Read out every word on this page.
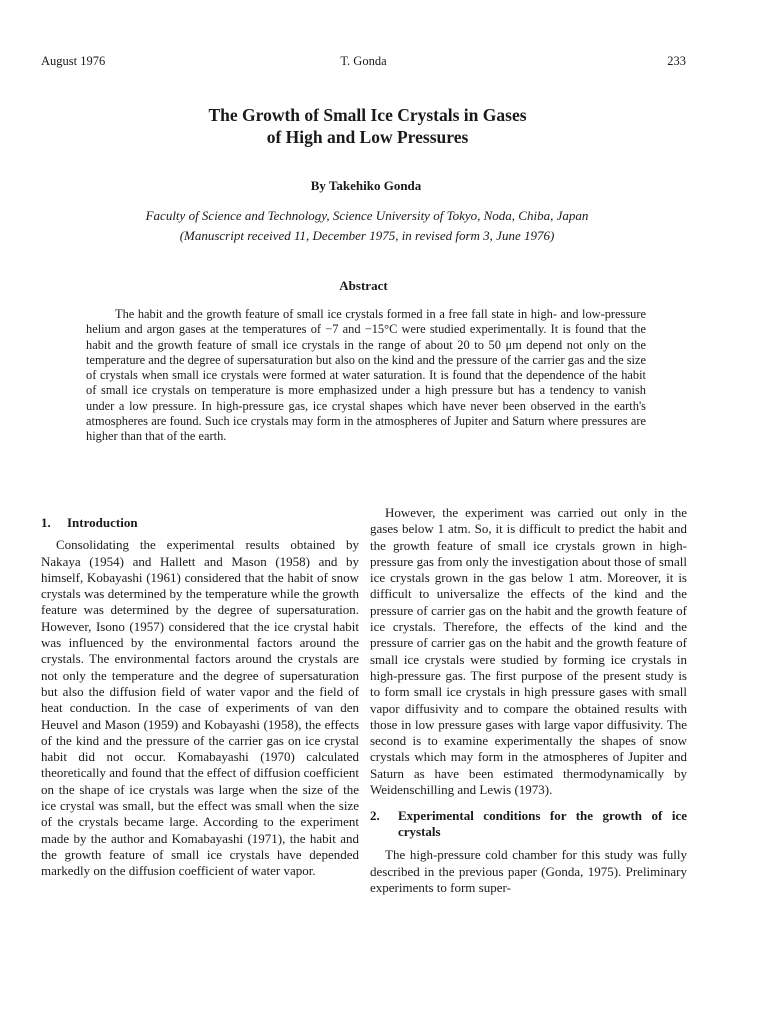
August 1976	T. Gonda	233
The Growth of Small Ice Crystals in Gases
of High and Low Pressures
By Takehiko Gonda
Faculty of Science and Technology, Science University of Tokyo, Noda, Chiba, Japan
(Manuscript received 11, December 1975, in revised form 3, June 1976)
Abstract

The habit and the growth feature of small ice crystals formed in a free fall state in high- and low-pressure helium and argon gases at the temperatures of −7 and −15°C were studied experimentally. It is found that the habit and the growth feature of small ice crystals in the range of about 20 to 50 μm depend not only on the temperature and the degree of supersaturation but also on the kind and the pressure of the carrier gas and the size of crystals when small ice crystals were formed at water saturation. It is found that the dependence of the habit of small ice crystals on temperature is more emphasized under a high pressure but has a tendency to vanish under a low pressure. In high-pressure gas, ice crystal shapes which have never been observed in the earth's atmospheres are found. Such ice crystals may form in the atmospheres of Jupiter and Saturn where pressures are higher than that of the earth.

1.	Introduction

Consolidating the experimental results obtained by Nakaya (1954) and Hallett and Mason (1958) and by himself, Kobayashi (1961) considered that the habit of snow crystals was determined by the temperature while the growth feature was determined by the degree of supersaturation. However, Isono (1957) considered that the ice crystal habit was influenced by the environmental factors around the crystals. The environmental factors around the crystals are not only the temperature and the degree of supersaturation but also the diffusion field of water vapor and the field of heat conduction. In the case of experiments of van den Heuvel and Mason (1959) and Kobayashi (1958), the effects of the kind and the pressure of the carrier gas on ice crystal habit did not occur. Komabayashi (1970) calculated theoretically and found that the effect of diffusion coefficient on the shape of ice crystals was large when the size of the ice crystal was small, but the effect was small when the size of the crystals became large. According to the experiment made by the author and Komabayashi (1971), the habit and the growth feature of small ice crystals have depended markedly on the diffusion coefficient of water vapor.

However, the experiment was carried out only in the gases below 1 atm. So, it is difficult to predict the habit and the growth feature of small ice crystals grown in high-pressure gas from only the investigation about those of small ice crystals grown in the gas below 1 atm. Moreover, it is difficult to universalize the effects of the kind and the pressure of carrier gas on the habit and the growth feature of ice crystals. Therefore, the effects of the kind and the pressure of carrier gas on the habit and the growth feature of small ice crystals were studied by forming ice crystals in high-pressure gas. The first purpose of the present study is to form small ice crystals in high pressure gases with small vapor diffusivity and to compare the obtained results with those in low pressure gases with large vapor diffusivity. The second is to examine experimentally the shapes of snow crystals which may form in the atmospheres of Jupiter and Saturn as have been estimated thermodynamically by Weidenschilling and Lewis (1973).

2.	Experimental conditions for the growth of ice crystals

The high-pressure cold chamber for this study was fully described in the previous paper (Gonda, 1975). Preliminary experiments to form super-
